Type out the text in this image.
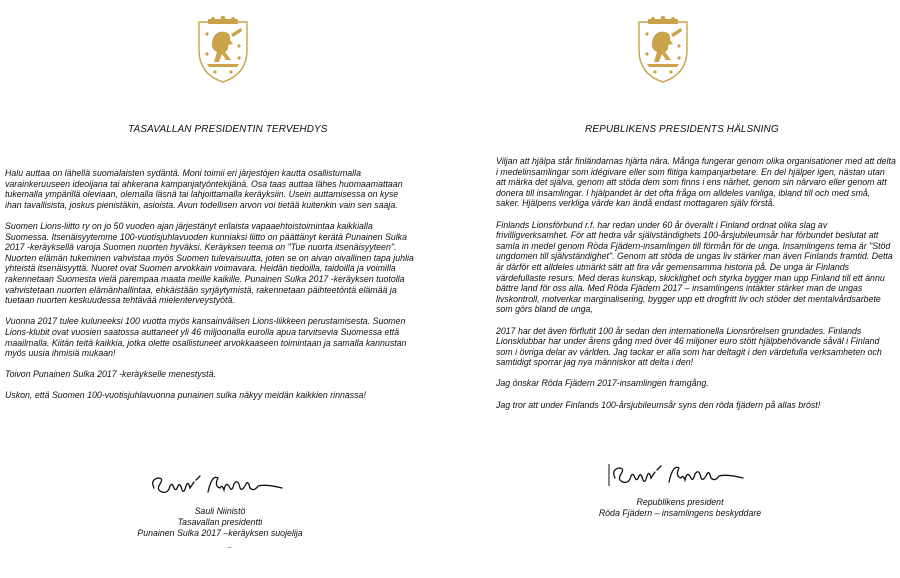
TASAVALLAN PRESIDENTIN TERVEHDYS

Halu auttaa on lähellä suomalaisten sydäntä. Moni toimii eri järjestöjen kautta osallistumalla varainkeruuseen ideoijana tai ahkerana kampanjatyöntekijänä. Osa taas auttaa lähes huomaamattaan tukemalla ympärillä oleviaan, olemalla läsnä tai lahjoittamalla keräyksiin. Usein auttamisessa on kyse ihan tavallisista, joskus pienistäkin, asioista. Avun todellisen arvon voi tietää kuitenkin vain sen saaja.

Suomen Lions-liitto ry on jo 50 vuoden ajan järjestänyt erilaista vapaaehtoistoimintaa kaikkialla Suomessa. Itsenäisyytemme 100-vuotisjuhlavuoden kunniaksi liitto on päättänyt kerätä Punainen Sulka 2017 -keräyksellä varoja Suomen nuorten hyväksi. Keräyksen teema on "Tue nuorta itsenäisyyteen". Nuorten elämän tukeminen vahvistaa myös Suomen tulevaisuutta, joten se on aivan oivallinen tapa juhlia yhteistä itsenäisyyttä. Nuoret ovat Suomen arvokkain voimavara. Heidän tiedoilla, taidoilla ja voimilla rakennetaan Suomesta vielä parempaa maata meille kaikille. Punainen Sulka 2017 -keräyksen tuotolla vahvistetaan nuorten elämänhallintaa, ehkäistään syrjäytymistä, rakennetaan päihteetöntä elämää ja tuetaan nuorten keskuudessa tehtävää mielenterveystyötä.

Vuonna 2017 tulee kuluneeksi 100 vuotta myös kansainvälisen Lions-liikkeen perustamisesta. Suomen Lions-klubit ovat vuosien saatossa auttaneet yli 46 miljoonalla eurolla apua tarvitsevia Suomessa että maailmalla. Kiitän teitä kaikkia, jotka olette osallistuneet arvokkaaseen toimintaan ja samalla kannustan myös uusia ihmisiä mukaan!

Toivon Punainen Sulka 2017 -keräykselle menestystä.

Uskon, että Suomen 100-vuotisjuhlavuonna punainen sulka näkyy meidän kaikkien rinnassa!

Sauli Niinistö
Tasavallan presidentti
Punainen Sulka 2017 –keräyksen suojelija
–
REPUBLIKENS PRESIDENTS HÄLSNING

Viljan att hjälpa står finländarnas hjärta nära. Många fungerar genom olika organisationer med att delta i medelinsamlingar som idégivare eller som flitiga kampanjarbetare. En del hjälper igen, nästan utan att märka det själva, genom att stöda dem som finns i ens närhet, genom sin närvaro eller genom att donera till insamlingar. I hjälpandet är det ofta fråga om alldeles vanliga, ibland till och med små, saker. Hjälpens verkliga värde kan ändå endast mottagaren själv förstå.

Finlands Lionsförbund r.f. har redan under 60 år överallt i Finland ordnat olika slag av frivilligverksamhet. För att hedra vår självständighets 100-årsjubileumsår har förbundet beslutat att samla in medel genom Röda Fjädern-insamlingen till förmån för de unga. Insamlingens tema är "Stöd ungdomen till självständighet". Genom att stöda de ungas liv stärker man även Finlands framtid. Detta är därför ett alldeles utmärkt sätt att fira vår gemensamma historia på. De unga är Finlands värdefullaste resurs. Med deras kunskap, skicklighet och styrka bygger man upp Finland till ett ännu bättre land för oss alla. Med Röda Fjädern 2017 – insamlingens intäkter stärker man de ungas livskontroll, motverkar marginalisering, bygger upp ett drogfritt liv och stöder det mentalvårdsarbete som görs bland de unga,

2017 har det även förflutit 100 år sedan den internationella Lionsrörelsen grundades. Finlands Lionsklubbar har under årens gång med över 46 miljoner euro stött hjälpbehövande såväl i Finland som i övriga delar av världen. Jag tackar er alla som har deltagit i den värdefulla verksamheten och samtidigt sporrar jag nya människor att delta i den!

Jag önskar Röda Fjädern 2017-insamlingen framgång.

Jag tror att under Finlands 100-årsjubileumsår syns den röda fjädern på allas bröst!

Republikens president
Röda Fjädern – insamlingens beskyddare
